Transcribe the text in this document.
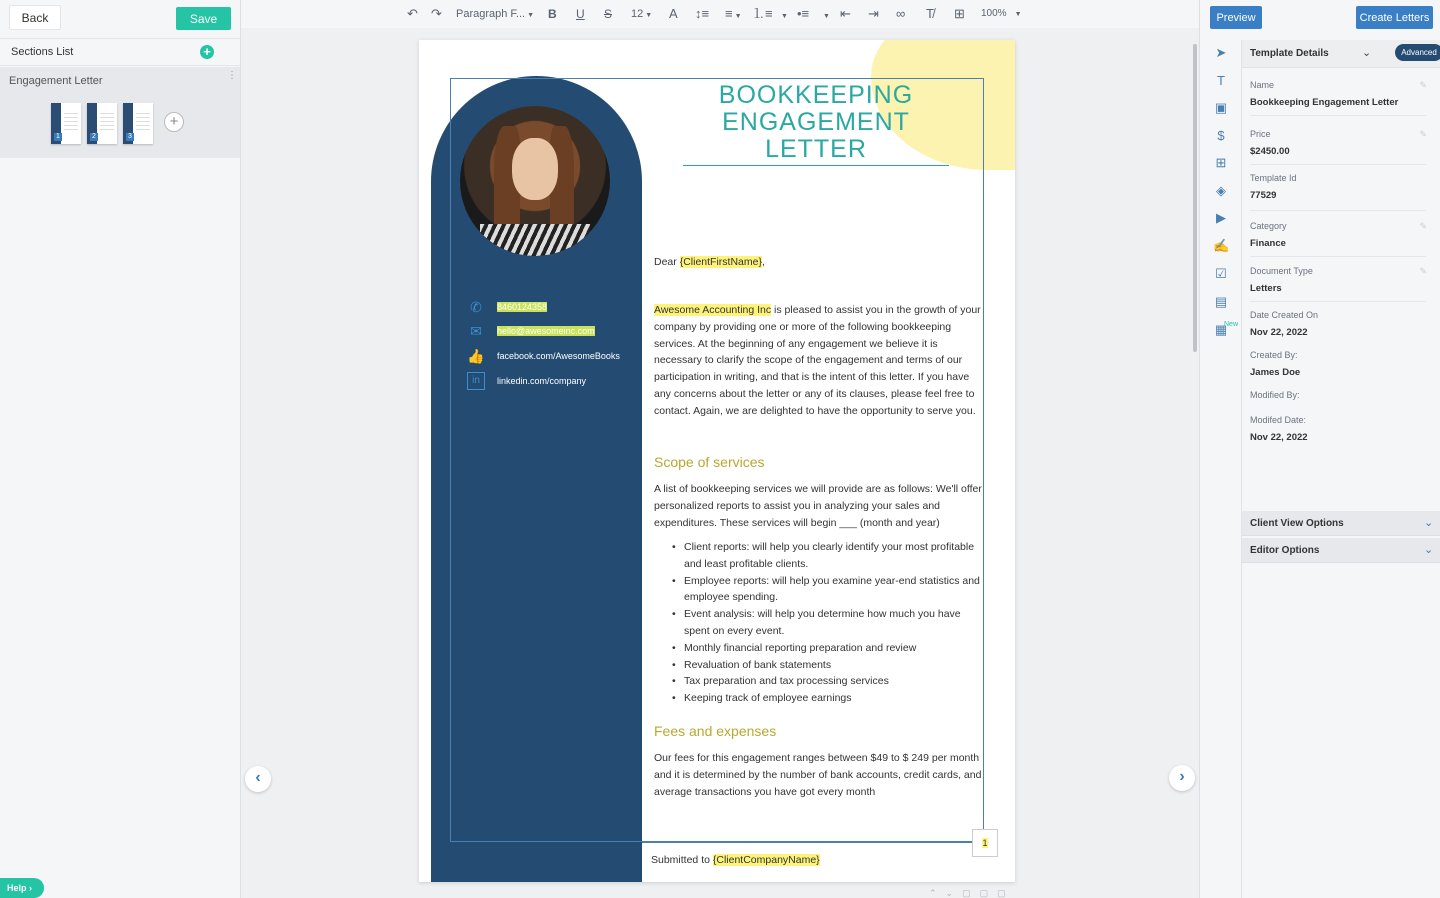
Back	Save
Sections List	+
Engagement Letter	⋮
1	2	3
+
Help ›
↶ ↷ Paragraph F... ▼ B U S 12 ▼ A ↕≡ ≡ ▼ ⒈≡ ▼ •≡ ▼ ⇤ ⇥ ∞ T̸ ⊞ 100% ▼
‹	›
⌃⌄▢▢▢
✆	8460124358
✉	hello@awesomeinc.com
👍 facebook.com/AwesomeBooks
in	linkedin.com/company
BOOKKEEPING
ENGAGEMENT LETTER
Dear {ClientFirstName},
Awesome Accounting Inc is pleased to assist you in the growth of your company by providing one or more of the following bookkeeping services. At the beginning of any engagement we believe it is necessary to clarify the scope of the engagement and terms of our participation in writing, and that is the intent of this letter. If you have any concerns about the letter or any of its clauses, please feel free to contact. Again, we are delighted to have the opportunity to serve you.
Scope of services
A list of bookkeeping services we will provide are as follows: We'll offer personalized reports to assist you in analyzing your sales and expenditures. These services will begin ___ (month and year)
• Client reports: will help you clearly identify your most profitable and least profitable clients.
• Employee reports: will help you examine year-end statistics and employee spending.
• Event analysis: will help you determine how much you have spent on every event.
• Monthly financial reporting preparation and review
• Revaluation of bank statements
• Tax preparation and tax processing services
• Keeping track of employee earnings
Fees and expenses
Our fees for this engagement ranges between $49 to $ 249 per month and it is determined by the number of bank accounts, credit cards, and average transactions you have got every month
1
Submitted to {ClientCompanyName}
Preview	Create Letters
➤
T
▣
$
⊞
◈
▶
✍
☑
New
▤
▦
Template Details	⌄	Advanced
Name
Bookkeeping Engagement Letter
✎
Price
$2450.00
✎
Template Id
77529
Category
Finance
✎
Document Type
Letters
✎
Date Created On
Nov 22, 2022
Created By:
James Doe
Modified By:
Modifed Date:
Nov 22, 2022
Client View Options	⌄
Editor Options	⌄
